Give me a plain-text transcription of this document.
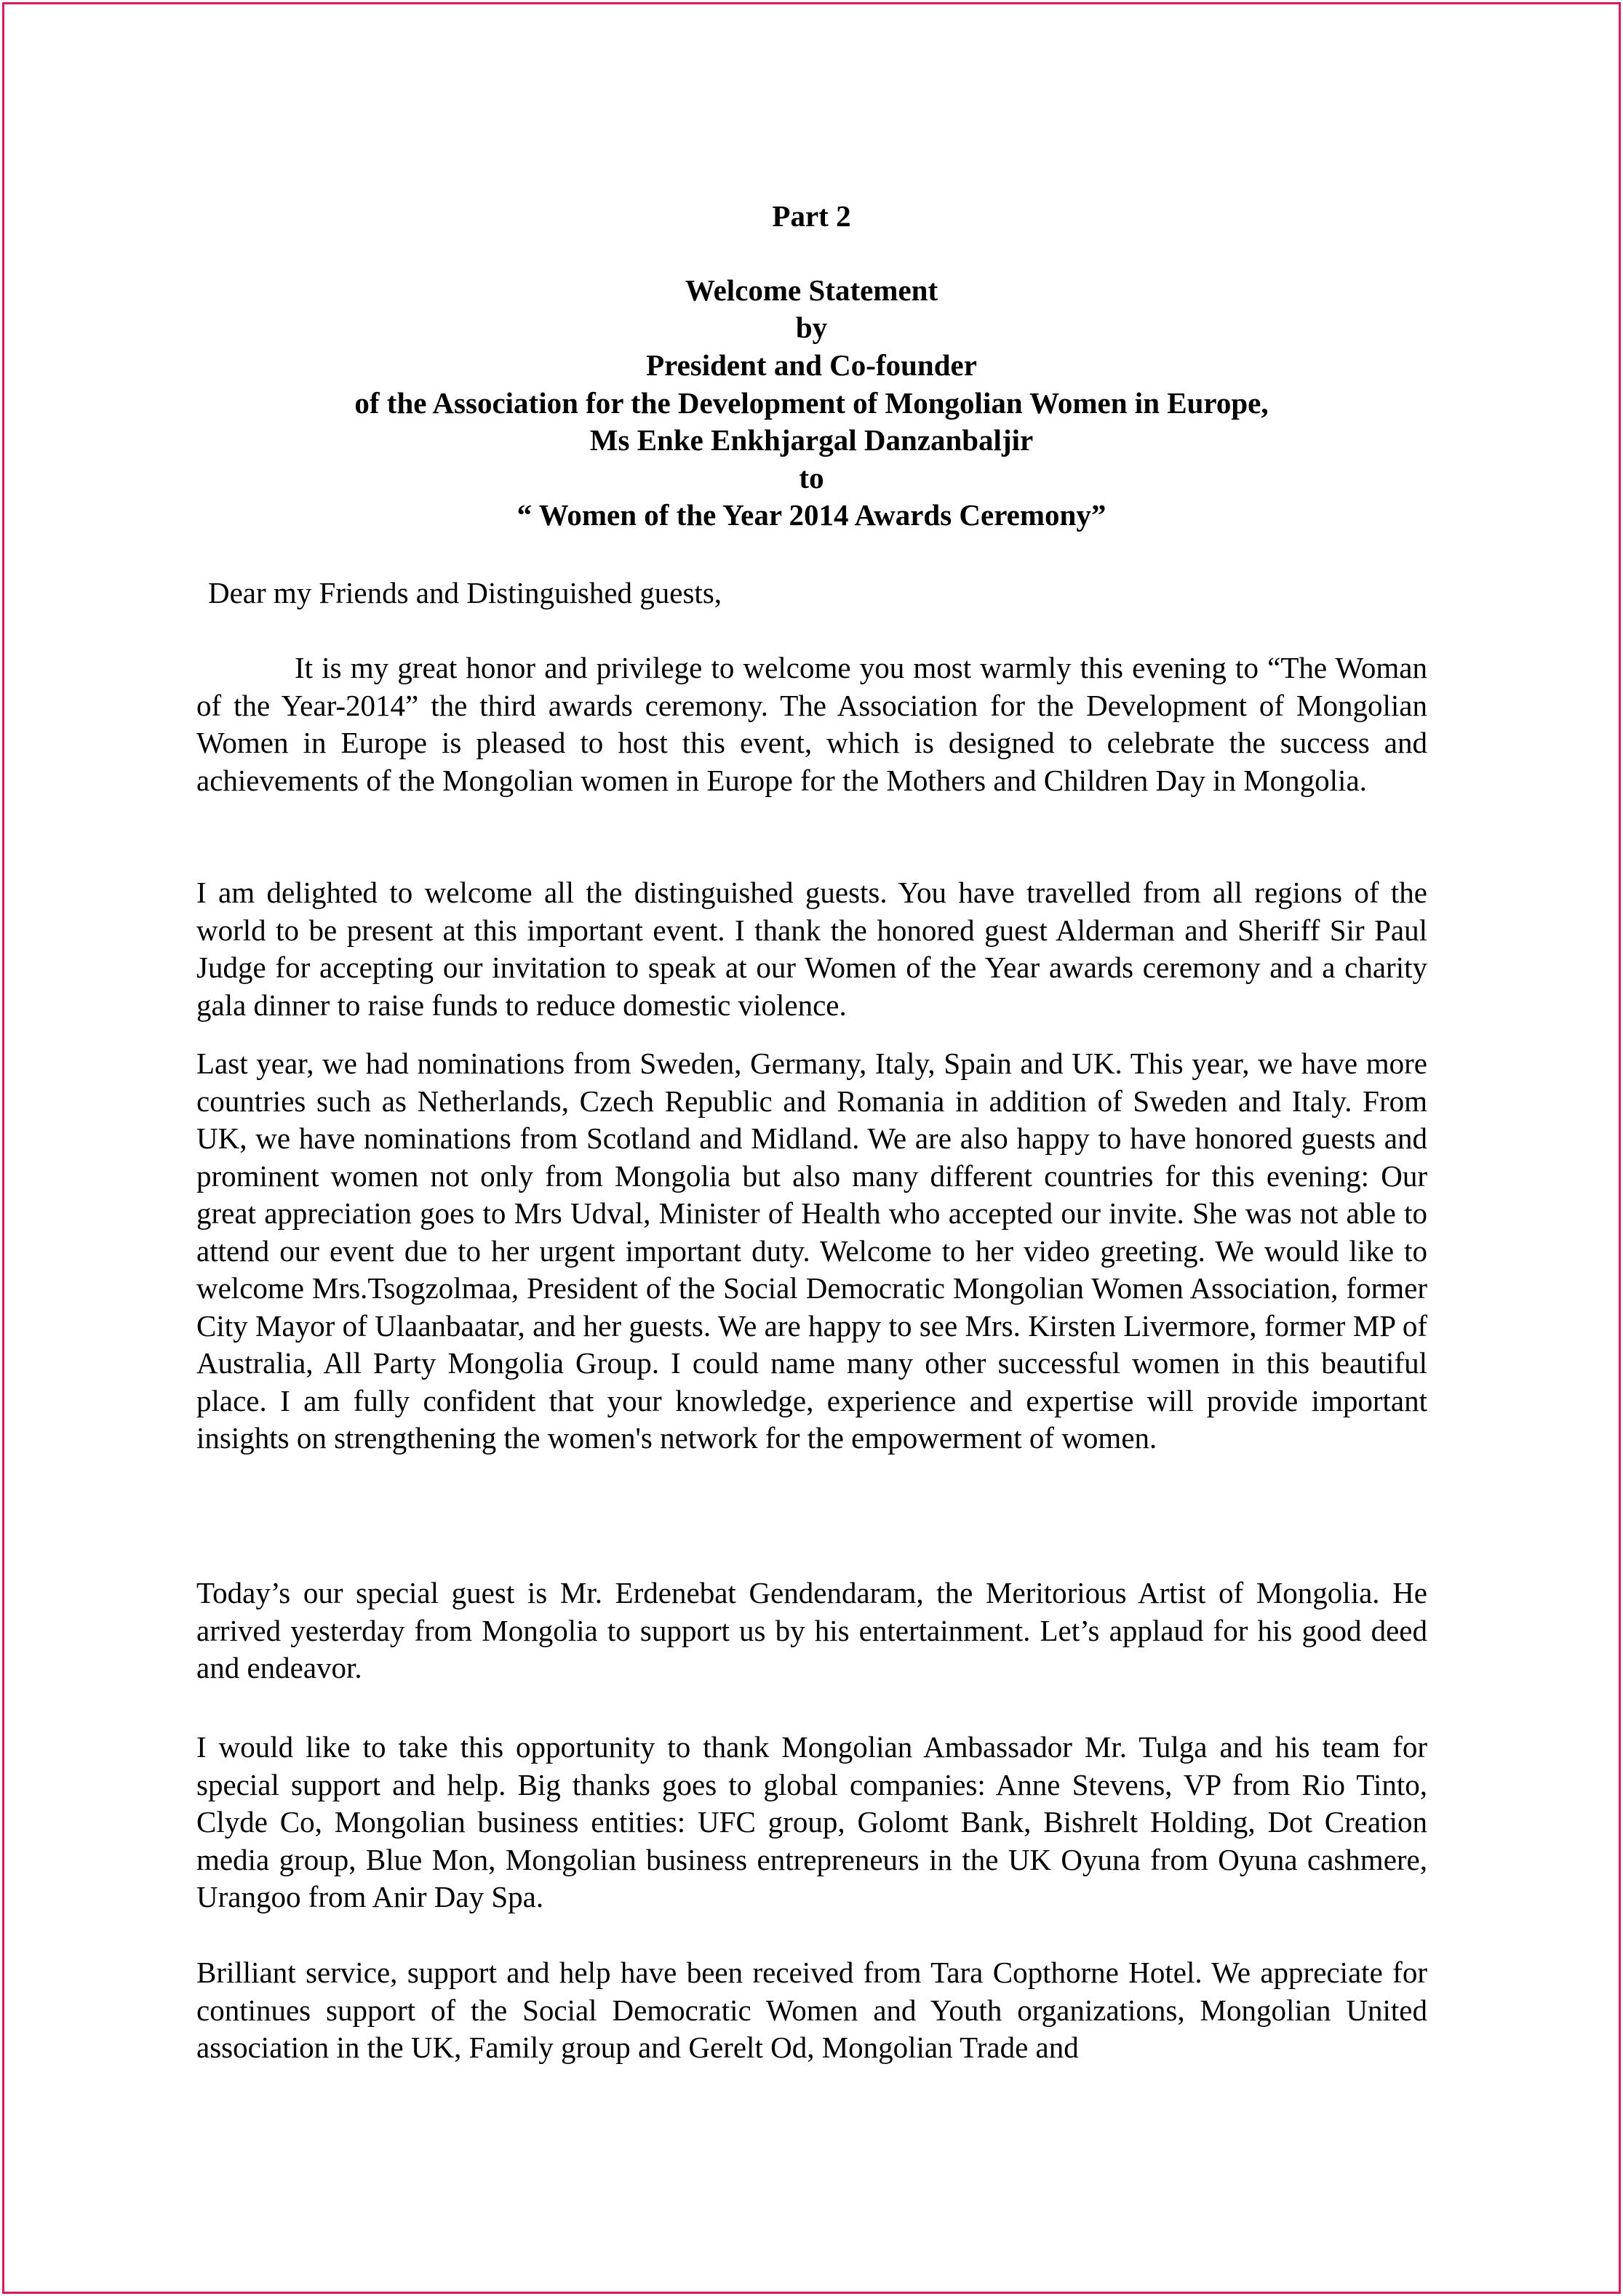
Part 2
Welcome Statement
by
President and Co-founder
of the Association for the Development of Mongolian Women in Europe,
Ms Enke Enkhjargal Danzanbaljir
to
“ Women of the Year 2014 Awards Ceremony”
Dear my Friends and Distinguished guests,

It is my great honor and privilege to welcome you most warmly this evening to “The Woman of the Year-2014” the third awards ceremony. The Association for the Development of Mongolian Women in Europe is pleased to host this event, which is designed to celebrate the success and achievements of the Mongolian women in Europe for the Mothers and Children Day in Mongolia.

I am delighted to welcome all the distinguished guests. You have travelled from all regions of the world to be present at this important event. I thank the honored guest Alderman and Sheriff Sir Paul Judge for accepting our invitation to speak at our Women of the Year awards ceremony and a charity gala dinner to raise funds to reduce domestic violence.

Last year, we had nominations from Sweden, Germany, Italy, Spain and UK. This year, we have more countries such as Netherlands, Czech Republic and Romania in addition of Sweden and Italy. From UK, we have nominations from Scotland and Midland. We are also happy to have honored guests and prominent women not only from Mongolia but also many different countries for this evening: Our great appreciation goes to Mrs Udval, Minister of Health who accepted our invite. She was not able to attend our event due to her urgent important duty. Welcome to her video greeting. We would like to welcome Mrs.Tsogzolmaa, President of the Social Democratic Mongolian Women Association, former City Mayor of Ulaanbaatar, and her guests. We are happy to see Mrs. Kirsten Livermore, former MP of Australia, All Party Mongolia Group. I could name many other successful women in this beautiful place. I am fully confident that your knowledge, experience and expertise will provide important insights on strengthening the women's network for the empowerment of women.

Today’s our special guest is Mr. Erdenebat Gendendaram, the Meritorious Artist of Mongolia. He arrived yesterday from Mongolia to support us by his entertainment. Let’s applaud for his good deed and endeavor.

I would like to take this opportunity to thank Mongolian Ambassador Mr. Tulga and his team for special support and help. Big thanks goes to global companies: Anne Stevens, VP from Rio Tinto, Clyde Co, Mongolian business entities: UFC group, Golomt Bank, Bishrelt Holding, Dot Creation media group, Blue Mon, Mongolian business entrepreneurs in the UK Oyuna from Oyuna cashmere, Urangoo from Anir Day Spa.

Brilliant service, support and help have been received from Tara Copthorne Hotel. We appreciate for continues support of the Social Democratic Women and Youth organizations, Mongolian United association in the UK, Family group and Gerelt Od, Mongolian Trade and
